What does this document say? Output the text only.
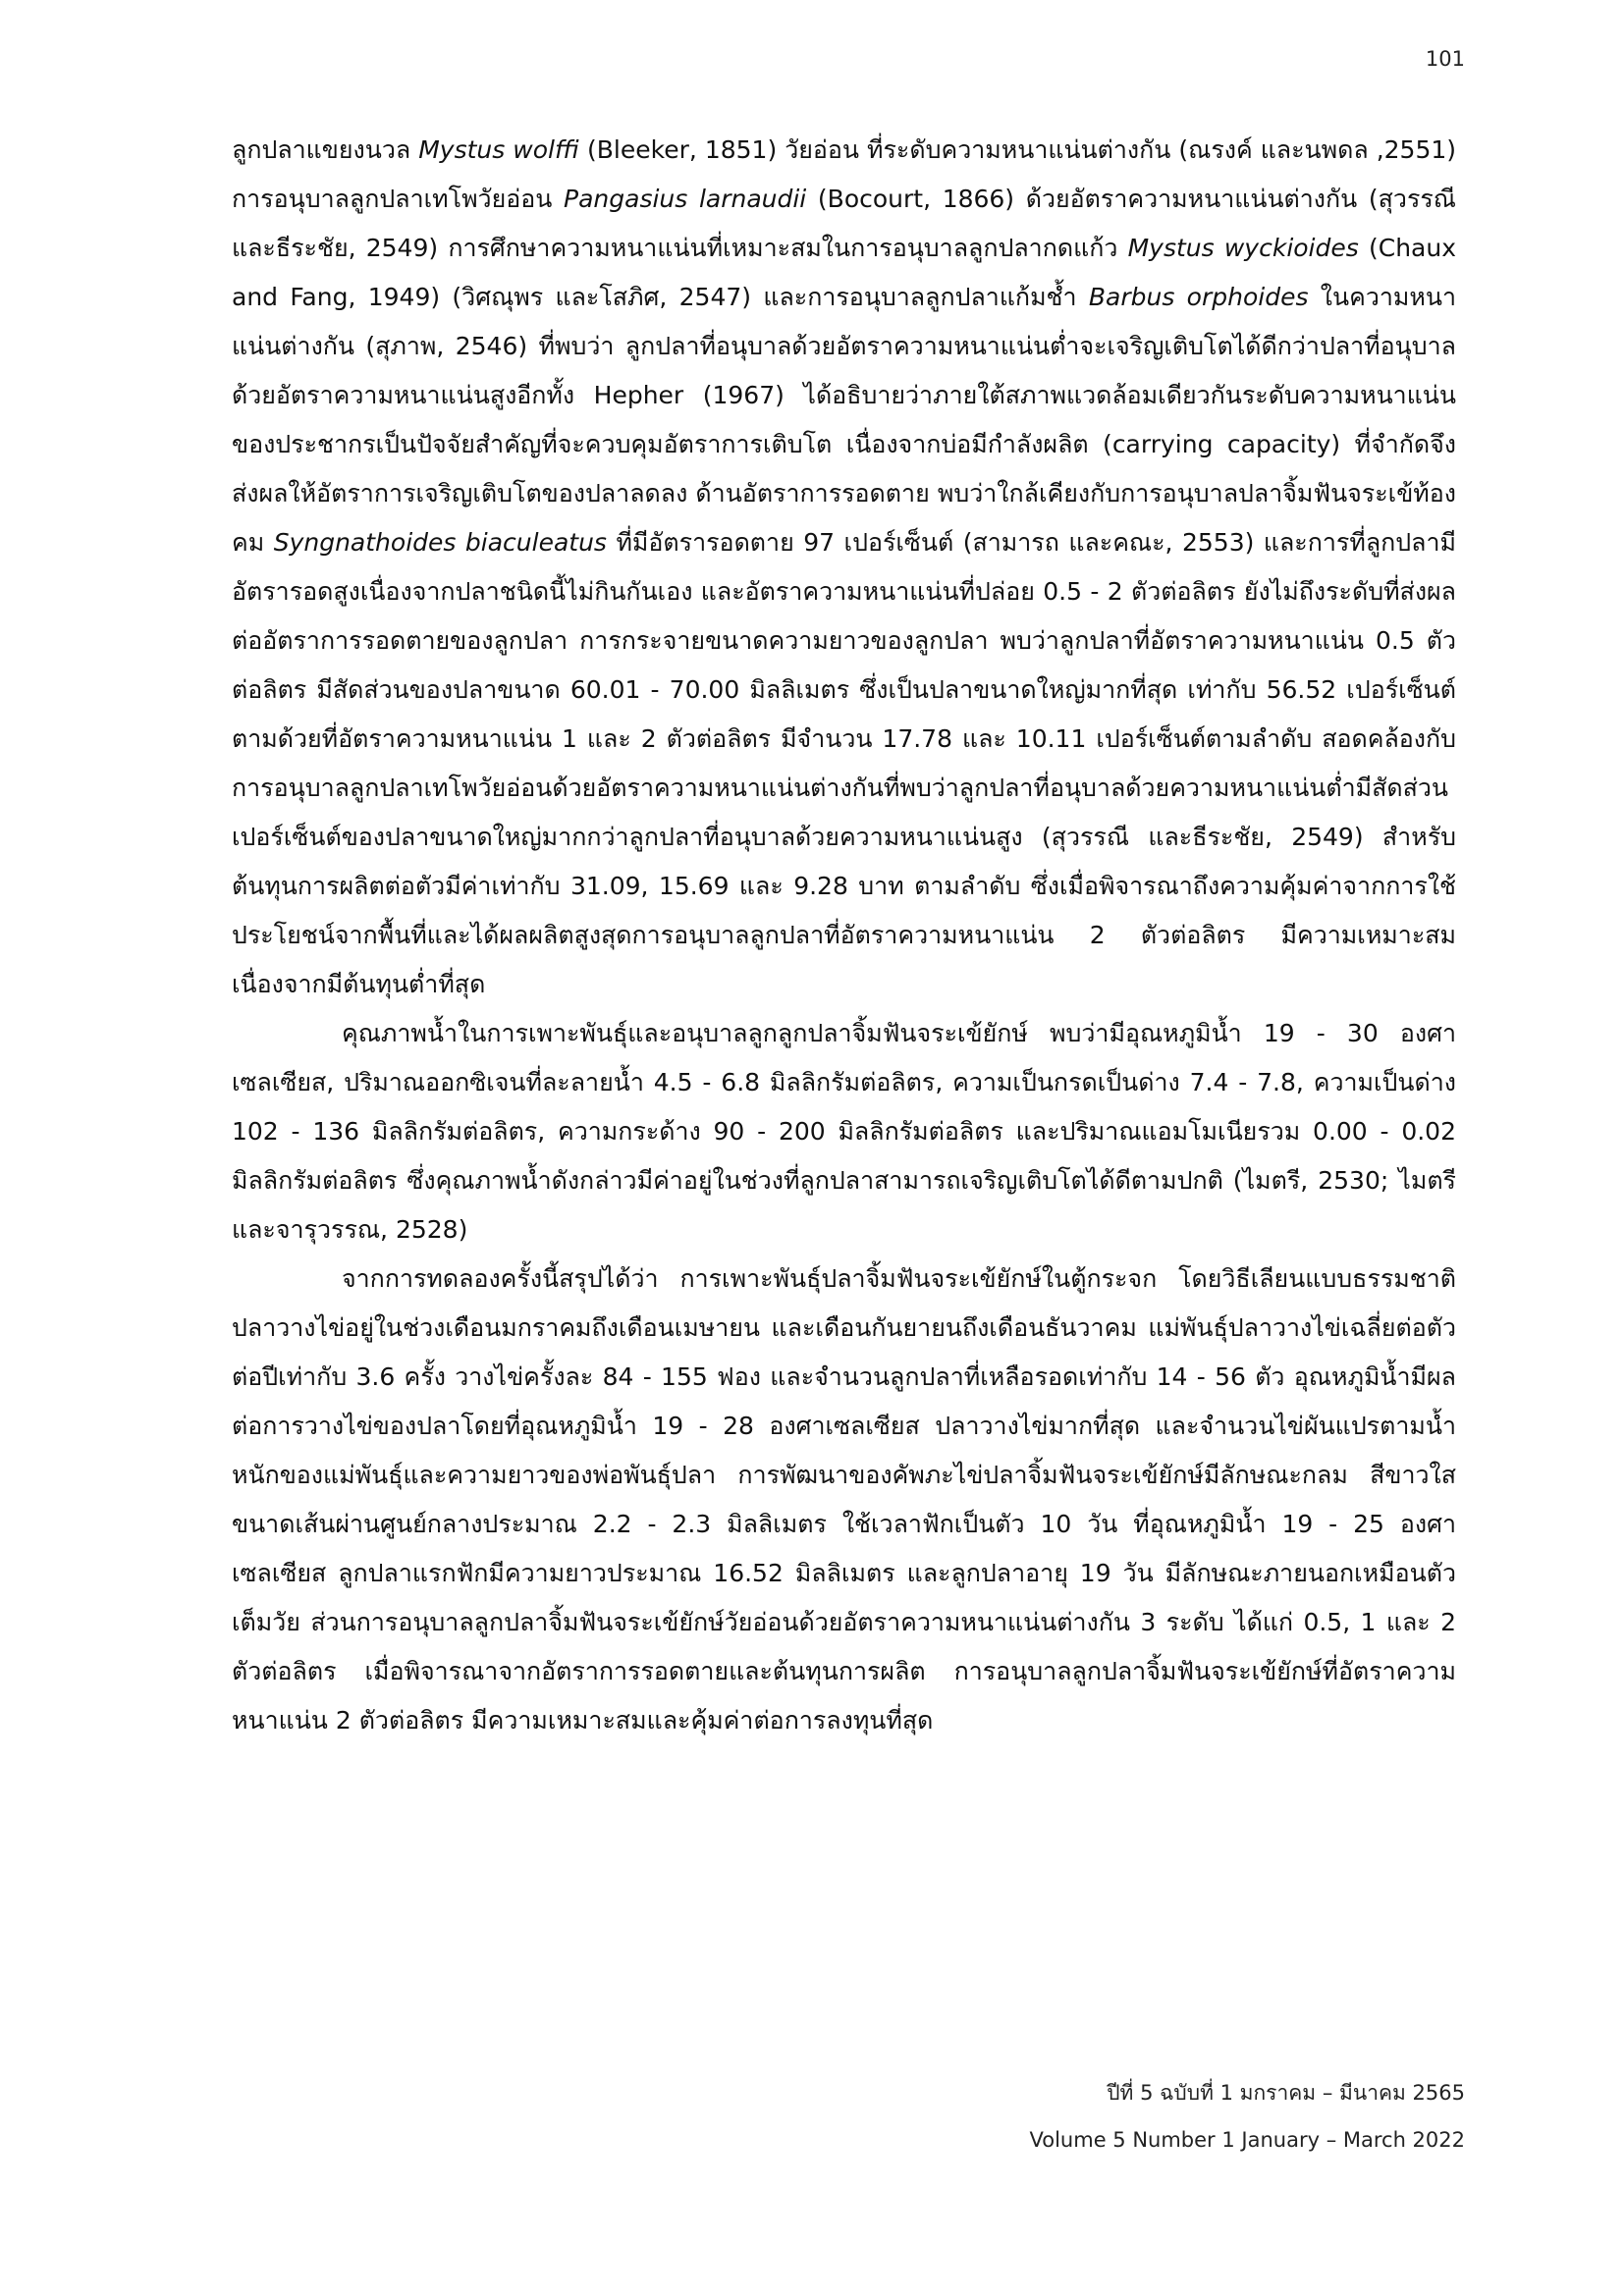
101

ลูกปลาแขยงนวล Mystus wolffi (Bleeker, 1851) วัยอ่อน ที่ระดับความหนาแน่นต่างกัน (ณรงค์ และนพดล ,2551) การอนุบาลลูกปลาเทโพวัยอ่อน Pangasius larnaudii (Bocourt, 1866) ด้วยอัตราความหนาแน่นต่างกัน (สุวรรณี และธีระชัย, 2549) การศึกษาความหนาแน่นที่เหมาะสมในการอนุบาลลูกปลากดแก้ว Mystus wyckioides (Chaux and Fang, 1949) (วิศณุพร และโสภิศ, 2547) และการอนุบาลลูกปลาแก้มช้ำ Barbus orphoides ในความหนาแน่นต่างกัน (สุภาพ, 2546) ที่พบว่า ลูกปลาที่อนุบาลด้วยอัตราความหนาแน่นต่ำจะเจริญเติบโตได้ดีกว่าปลาที่อนุบาลด้วยอัตราความหนาแน่นสูงอีกทั้ง Hepher (1967) ได้อธิบายว่าภายใต้สภาพแวดล้อมเดียวกันระดับความหนาแน่นของประชากรเป็นปัจจัยสำคัญที่จะควบคุมอัตราการเติบโต เนื่องจากบ่อมีกำลังผลิต (carrying capacity) ที่จำกัดจึงส่งผลให้อัตราการเจริญเติบโตของปลาลดลง ด้านอัตราการรอดตาย พบว่าใกล้เคียงกับการอนุบาลปลาจิ้มฟันจระเข้ท้องคม Syngnathoides biaculeatus ที่มีอัตรารอดตาย 97 เปอร์เซ็นต์ (สามารถ และคณะ, 2553) และการที่ลูกปลามีอัตรารอดสูงเนื่องจากปลาชนิดนี้ไม่กินกันเอง และอัตราความหนาแน่นที่ปล่อย 0.5 - 2 ตัวต่อลิตร ยังไม่ถึงระดับที่ส่งผลต่ออัตราการรอดตายของลูกปลา การกระจายขนาดความยาวของลูกปลา พบว่าลูกปลาที่อัตราความหนาแน่น 0.5 ตัวต่อลิตร มีสัดส่วนของปลาขนาด 60.01 - 70.00 มิลลิเมตร ซึ่งเป็นปลาขนาดใหญ่มากที่สุด เท่ากับ 56.52 เปอร์เซ็นต์ ตามด้วยที่อัตราความหนาแน่น 1 และ 2 ตัวต่อลิตร มีจำนวน 17.78 และ 10.11 เปอร์เซ็นต์ตามลำดับ สอดคล้องกับการอนุบาลลูกปลาเทโพวัยอ่อนด้วยอัตราความหนาแน่นต่างกันที่พบว่าลูกปลาที่อนุบาลด้วยความหนาแน่นต่ำมีสัดส่วนเปอร์เซ็นต์ของปลาขนาดใหญ่มากกว่าลูกปลาที่อนุบาลด้วยความหนาแน่นสูง (สุวรรณี และธีระชัย, 2549) สำหรับต้นทุนการผลิตต่อตัวมีค่าเท่ากับ 31.09, 15.69 และ 9.28 บาท ตามลำดับ ซึ่งเมื่อพิจารณาถึงความคุ้มค่าจากการใช้ประโยชน์จากพื้นที่และได้ผลผลิตสูงสุดการอนุบาลลูกปลาที่อัตราความหนาแน่น 2 ตัวต่อลิตร มีความเหมาะสมเนื่องจากมีต้นทุนต่ำที่สุด

คุณภาพน้ำในการเพาะพันธุ์และอนุบาลลูกลูกปลาจิ้มฟันจระเข้ยักษ์ พบว่ามีอุณหภูมิน้ำ 19 - 30 องศาเซลเซียส, ปริมาณออกซิเจนที่ละลายน้ำ 4.5 - 6.8 มิลลิกรัมต่อลิตร, ความเป็นกรดเป็นด่าง 7.4 - 7.8, ความเป็นด่าง 102 - 136 มิลลิกรัมต่อลิตร, ความกระด้าง 90 - 200 มิลลิกรัมต่อลิตร และปริมาณแอมโมเนียรวม 0.00 - 0.02 มิลลิกรัมต่อลิตร ซึ่งคุณภาพน้ำดังกล่าวมีค่าอยู่ในช่วงที่ลูกปลาสามารถเจริญเติบโตได้ดีตามปกติ (ไมตรี, 2530; ไมตรี และจารุวรรณ, 2528)

จากการทดลองครั้งนี้สรุปได้ว่า การเพาะพันธุ์ปลาจิ้มฟันจระเข้ยักษ์ในตู้กระจก โดยวิธีเลียนแบบธรรมชาติ ปลาวางไข่อยู่ในช่วงเดือนมกราคมถึงเดือนเมษายน และเดือนกันยายนถึงเดือนธันวาคม แม่พันธุ์ปลาวางไข่เฉลี่ยต่อตัวต่อปีเท่ากับ 3.6 ครั้ง วางไข่ครั้งละ 84 - 155 ฟอง และจำนวนลูกปลาที่เหลือรอดเท่ากับ 14 - 56 ตัว อุณหภูมิน้ำมีผลต่อการวางไข่ของปลาโดยที่อุณหภูมิน้ำ 19 - 28 องศาเซลเซียส ปลาวางไข่มากที่สุด และจำนวนไข่ผันแปรตามน้ำหนักของแม่พันธุ์และความยาวของพ่อพันธุ์ปลา การพัฒนาของคัพภะไข่ปลาจิ้มฟันจระเข้ยักษ์มีลักษณะกลม สีขาวใส ขนาดเส้นผ่านศูนย์กลางประมาณ 2.2 - 2.3 มิลลิเมตร ใช้เวลาฟักเป็นตัว 10 วัน ที่อุณหภูมิน้ำ 19 - 25 องศาเซลเซียส ลูกปลาแรกฟักมีความยาวประมาณ 16.52 มิลลิเมตร และลูกปลาอายุ 19 วัน มีลักษณะภายนอกเหมือนตัวเต็มวัย ส่วนการอนุบาลลูกปลาจิ้มฟันจระเข้ยักษ์วัยอ่อนด้วยอัตราความหนาแน่นต่างกัน 3 ระดับ ได้แก่ 0.5, 1 และ 2 ตัวต่อลิตร เมื่อพิจารณาจากอัตราการรอดตายและต้นทุนการผลิต การอนุบาลลูกปลาจิ้มฟันจระเข้ยักษ์ที่อัตราความหนาแน่น 2 ตัวต่อลิตร มีความเหมาะสมและคุ้มค่าต่อการลงทุนที่สุด

ปีที่ 5 ฉบับที่ 1 มกราคม – มีนาคม 2565
Volume 5 Number 1 January – March 2022
